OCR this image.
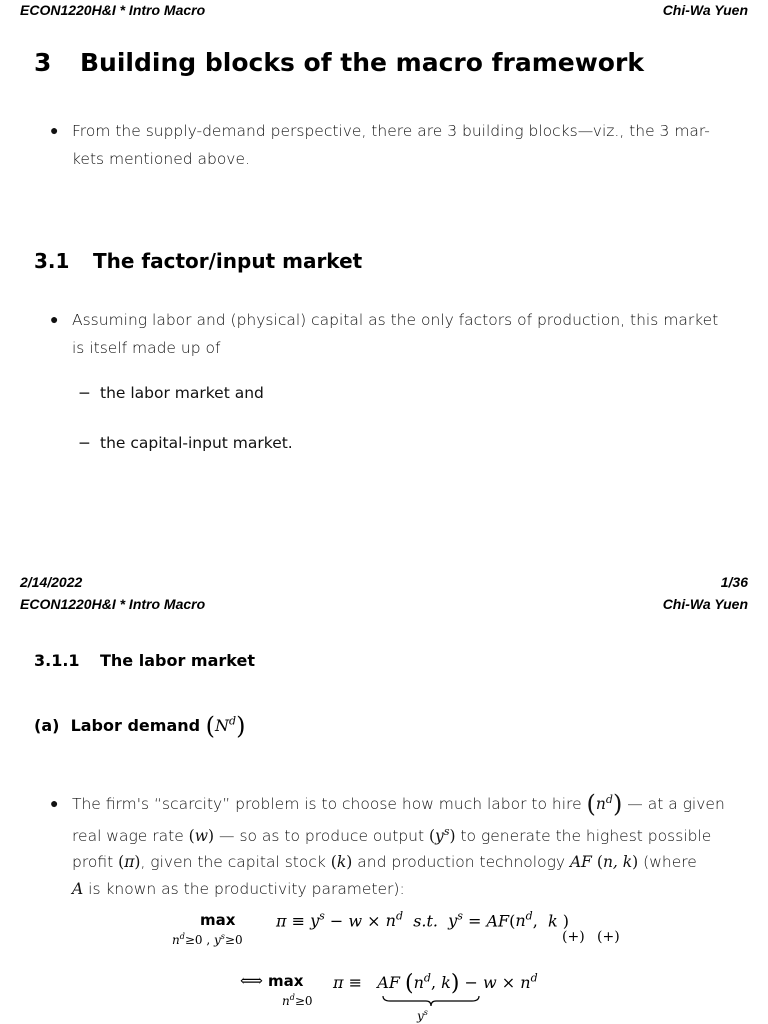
ECON1220H&I * Intro Macro	Chi-Wa Yuen
3 Building blocks of the macro framework
● From the supply-demand perspective, there are 3 building blocks—viz., the 3 mar-
kets mentioned above.
3.1 The factor/input market
● Assuming labor and (physical) capital as the only factors of production, this market
is itself made up of
− the labor market and
− the capital-input market.
2/14/2022	1/36
ECON1220H&I * Intro Macro	Chi-Wa Yuen
3.1.1 The labor market
(a) Labor demand $(N^d)$
● The firm's “scarcity” problem is to choose how much labor to hire $(n^d)$ — at a given
real wage rate (w) — so as to produce output $(y^s)$ to generate the highest possible
profit (π), given the capital stock (k) and production technology AF (n, k) (where
A is known as the productivity parameter):
max
$n^d\ge 0$ , $y^s\ge 0$
$\pi \equiv y^s - w \times n^d$ s.t. $y^s = AF(n^d$,  k )
(+) (+)
⟺ max
$n^d\ge 0$
π ≡   AF ($n^d$, $k) - w \times n^d$
$y^s$
